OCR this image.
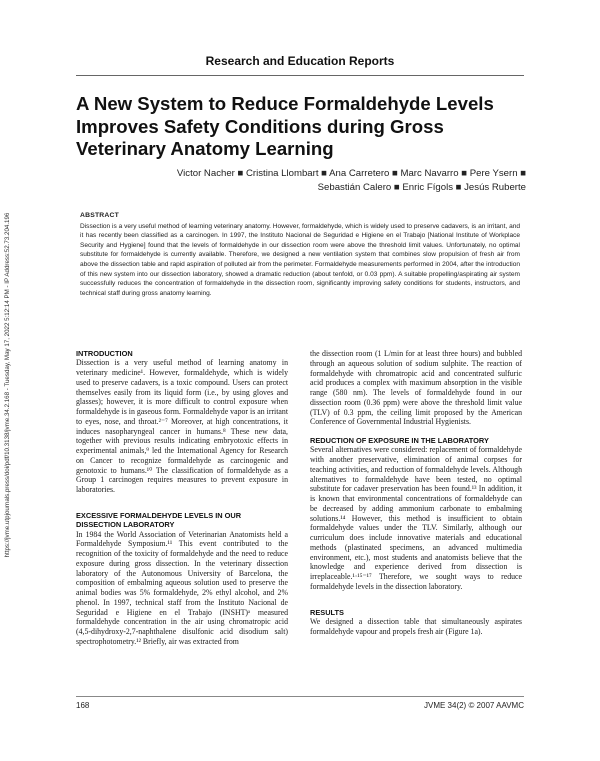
https://jvme.utpjournals.press/doi/pdf/10.3138/jvme.34.2.168 - Tuesday, May 17, 2022 5:12:14 PM - IP Address:52.73.204.196
Research and Education Reports
A New System to Reduce Formaldehyde Levels Improves Safety Conditions during Gross Veterinary Anatomy Learning
Victor Nacher ■ Cristina Llombart ■ Ana Carretero ■ Marc Navarro ■ Pere Ysern ■
Sebastián Calero ■ Enric Fígols ■ Jesús Ruberte
ABSTRACT

Dissection is a very useful method of learning veterinary anatomy. However, formaldehyde, which is widely used to preserve cadavers, is an irritant, and it has recently been classified as a carcinogen. In 1997, the Instituto Nacional de Seguridad e Higiene en el Trabajo [National Institute of Workplace Security and Hygiene] found that the levels of formaldehyde in our dissection room were above the threshold limit values. Unfortunately, no optimal substitute for formaldehyde is currently available. Therefore, we designed a new ventilation system that combines slow propulsion of fresh air from above the dissection table and rapid aspiration of polluted air from the perimeter. Formaldehyde measurements performed in 2004, after the introduction of this new system into our dissection laboratory, showed a dramatic reduction (about tenfold, or 0.03 ppm). A suitable propelling/aspirating air system successfully reduces the concentration of formaldehyde in the dissection room, significantly improving safety conditions for students, instructors, and technical staff during gross anatomy learning.

INTRODUCTION

Dissection is a very useful method of learning anatomy in veterinary medicine¹. However, formaldehyde, which is widely used to preserve cadavers, is a toxic compound. Users can protect themselves easily from its liquid form (i.e., by using gloves and glasses); however, it is more difficult to control exposure when formaldehyde is in gaseous form. Formaldehyde vapor is an irritant to eyes, nose, and throat.²⁻⁷ Moreover, at high concentrations, it induces nasopharyngeal cancer in humans.⁸ These new data, together with previous results indicating embryotoxic effects in experimental animals,⁹ led the International Agency for Research on Cancer to recognize formaldehyde as carcinogenic and genotoxic to humans.¹⁰ The classification of formaldehyde as a Group 1 carcinogen requires measures to prevent exposure in laboratories.

EXCESSIVE FORMALDEHYDE LEVELS IN OUR
DISSECTION LABORATORY

In 1984 the World Association of Veterinarian Anatomists held a Formaldehyde Symposium.¹¹ This event contributed to the recognition of the toxicity of formaldehyde and the need to reduce exposure during gross dissection. In the veterinary dissection laboratory of the Autonomous University of Barcelona, the composition of embalming aqueous solution used to preserve the animal bodies was 5% formaldehyde, 2% ethyl alcohol, and 2% phenol. In 1997, technical staff from the Instituto Nacional de Seguridad e Higiene en el Trabajo (INSHT)ᵃ measured formaldehyde concentration in the air using chromatropic acid (4,5-dihydroxy-2,7-naphthalene disulfonic acid disodium salt) spectrophotometry.¹² Briefly, air was extracted from

the dissection room (1 L/min for at least three hours) and bubbled through an aqueous solution of sodium sulphite. The reaction of formaldehyde with chromatropic acid and concentrated sulfuric acid produces a complex with maximum absorption in the visible range (580 nm). The levels of formaldehyde found in our dissection room (0.36 ppm) were above the threshold limit value (TLV) of 0.3 ppm, the ceiling limit proposed by the American Conference of Governmental Industrial Hygienists.

REDUCTION OF EXPOSURE IN THE LABORATORY

Several alternatives were considered: replacement of formaldehyde with another preservative, elimination of animal corpses for teaching activities, and reduction of formaldehyde levels. Although alternatives to formaldehyde have been tested, no optimal substitute for cadaver preservation has been found.¹³ In addition, it is known that environmental concentrations of formaldehyde can be decreased by adding ammonium carbonate to embalming solutions.¹⁴ However, this method is insufficient to obtain formaldehyde values under the TLV. Similarly, although our curriculum does include innovative materials and educational methods (plastinated specimens, an advanced multimedia environment, etc.), most students and anatomists believe that the knowledge and experience derived from dissection is irreplaceable.¹·¹⁵⁻¹⁷ Therefore, we sought ways to reduce formaldehyde levels in the dissection laboratory.

RESULTS

We designed a dissection table that simultaneously aspirates formaldehyde vapour and propels fresh air (Figure 1a).

168	JVME 34(2) © 2007 AAVMC
